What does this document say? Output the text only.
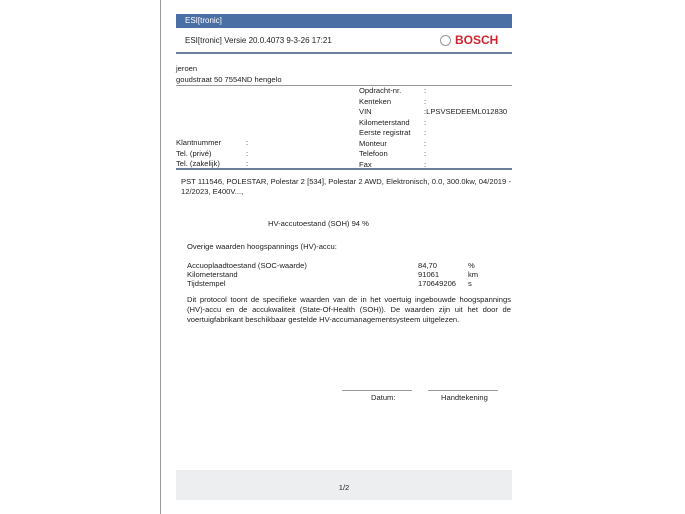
ESI[tronic]
ESI[tronic] Versie 20.0.4073 9-3-26 17:21	BOSCH
jeroen
goudstraat 50 7554ND hengelo
Opdracht-nr.	:
Kenteken	:
VIN	:LPSVSEDEEML012830
Kilometerstand :
Eerste registrat :
Monteur	:
Telefoon	:
Fax	:
Klantnummer	:
Tel. (privé)	:
Tel. (zakelijk)	:
PST 111546, POLESTAR, Polestar 2 [534], Polestar 2 AWD, Elektronisch, 0.0, 300.0kw, 04/2019 - 12/2023, E400V...,
HV-accutoestand (SOH) 94 %
Overige waarden hoogspannings (HV)-accu:
Accuoplaadtoestand (SOC-waarde)	84,70	%
Kilometerstand	91061	km
Tijdstempel	170649206 s
Dit protocol toont de specifieke waarden van de in het voertuig ingebouwde hoogspannings (HV)-accu en de accukwaliteit (State-Of-Health (SOH)). De waarden zijn uit het door de voertuigfabrikant beschikbaar gestelde HV-accumanagementsysteem uitgelezen.
Datum:	Handtekening
1/2
